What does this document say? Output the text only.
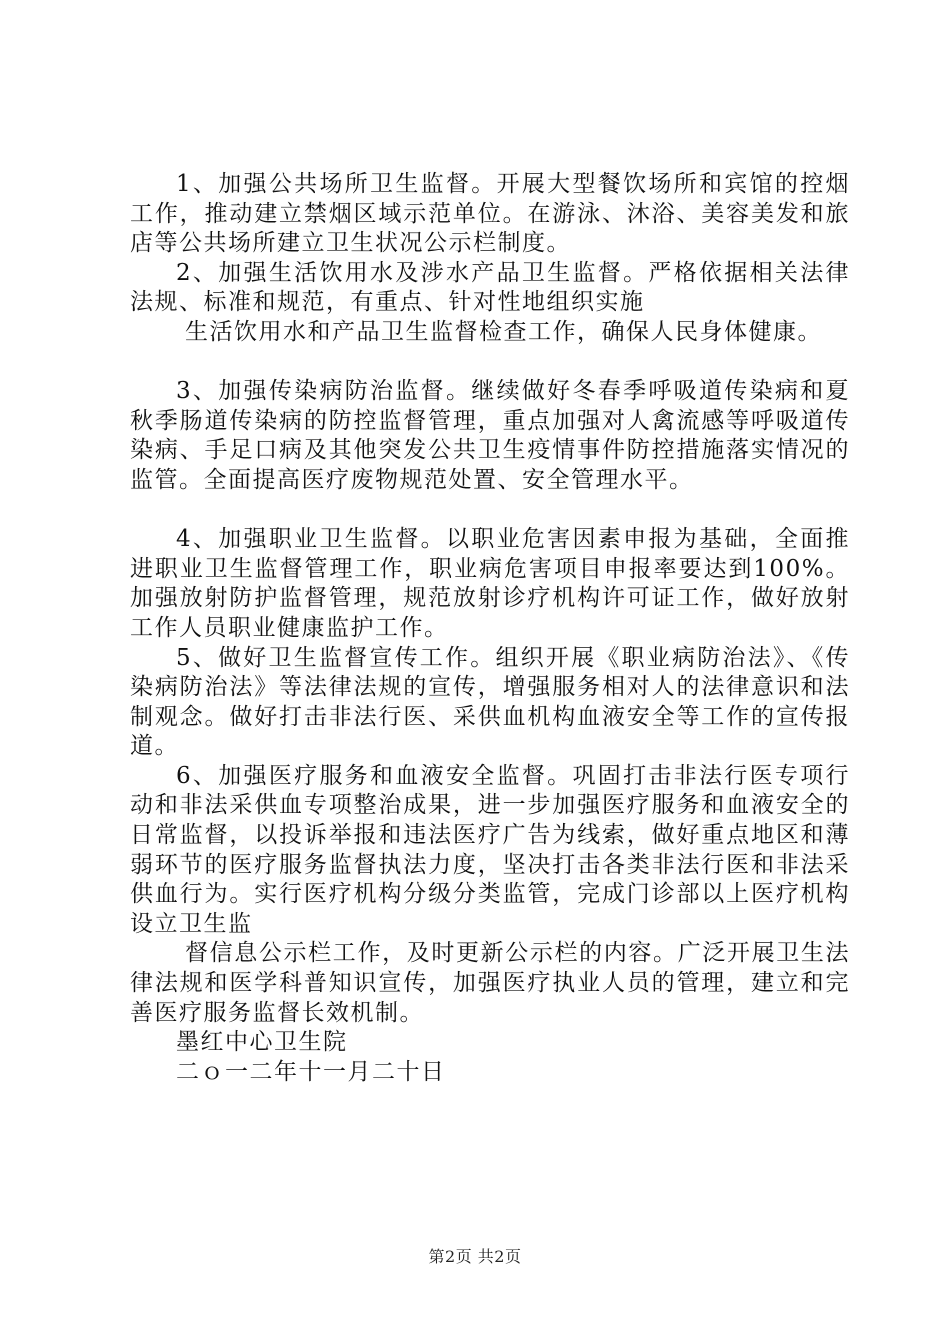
1、加强公共场所卫生监督。开展大型餐饮场所和宾馆的控烟工作，推动建立禁烟区域示范单位。在游泳、沐浴、美容美发和旅店等公共场所建立卫生状况公示栏制度。

2、加强生活饮用水及涉水产品卫生监督。严格依据相关法律法规、标准和规范，有重点、针对性地组织实施

生活饮用水和产品卫生监督检查工作，确保人民身体健康。

3、加强传染病防治监督。继续做好冬春季呼吸道传染病和夏秋季肠道传染病的防控监督管理，重点加强对人禽流感等呼吸道传染病、手足口病及其他突发公共卫生疫情事件防控措施落实情况的监管。全面提高医疗废物规范处置、安全管理水平。

4、加强职业卫生监督。以职业危害因素申报为基础，全面推进职业卫生监督管理工作，职业病危害项目申报率要达到100%。加强放射防护监督管理，规范放射诊疗机构许可证工作，做好放射工作人员职业健康监护工作。

5、做好卫生监督宣传工作。组织开展《职业病防治法》、《传染病防治法》等法律法规的宣传，增强服务相对人的法律意识和法制观念。做好打击非法行医、采供血机构血液安全等工作的宣传报道。

6、加强医疗服务和血液安全监督。巩固打击非法行医专项行动和非法采供血专项整治成果，进一步加强医疗服务和血液安全的日常监督，以投诉举报和违法医疗广告为线索，做好重点地区和薄弱环节的医疗服务监督执法力度，坚决打击各类非法行医和非法采供血行为。实行医疗机构分级分类监管，完成门诊部以上医疗机构设立卫生监

督信息公示栏工作，及时更新公示栏的内容。广泛开展卫生法律法规和医学科普知识宣传，加强医疗执业人员的管理，建立和完善医疗服务监督长效机制。

墨红中心卫生院

二ｏ一二年十一月二十日

第2页 共2页
